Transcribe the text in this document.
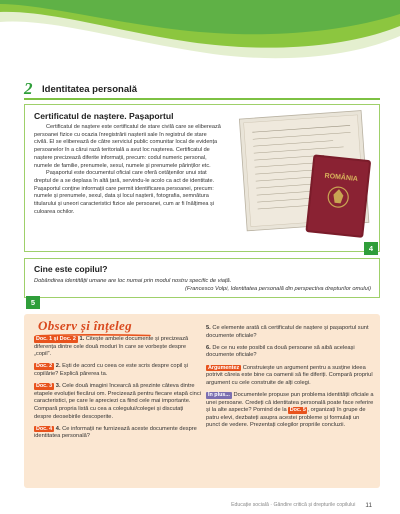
2	Identitatea personală
Certificatul de naștere. Pașaportul

Certificatul de naștere este certificatul de stare civilă care se eliberează persoanei fizice cu ocazia înregistrării nașterii sale în registrul de stare civilă. El se eliberează de către serviciul public comunitar local de evidența persoanelor în a cărui rază teritorială a avut loc nașterea. Certificatul de naștere precizează diferite informații, precum: codul numeric personal, numele de familie, prenumele, sexul, numele și prenumele părinților etc.

Pașaportul este documentul oficial care oferă cetățenilor unui stat dreptul de a se deplasa în altă țară, servindu-le acolo ca act de identitate. Pașaportul conține informații care permit identificarea persoanei, precum: numele și prenumele, sexul, data și locul nașterii, fotografia, semnătura titularului și uneori caracteristici fizice ale persoanei, cum ar fi înălțimea și culoarea ochilor.

ROMÂNIA
4
Cine este copilul?
Dobândirea identității umane are loc numai prin modul nostru specific de viață.
(Francesco Volpi, Identitatea personală din perspectiva drepturilor omului)
5
Observ și înțeleg
Doc. 1 și Doc. 2 1. Citește ambele documente și precizează diferența dintre cele două moduri în care se vorbește despre „copil”.
Doc. 2 2. Ești de acord cu ceea ce este scris despre copil și copilărie? Explică părerea ta.
Doc. 3 3. Cele două imagini încearcă să prezinte câteva dintre etapele evoluției fiecărui om. Precizează pentru fiecare etapă cinci caracteristici, pe care le apreciezi ca fiind cele mai importante. Compară propria listă cu cea a colegului/colegei și discutați despre deosebirile descoperite.
Doc. 4 4. Ce informații ne furnizează aceste documente despre identitatea personală?
5. Ce elemente arată că certificatul de naștere și pașaportul sunt documente oficiale?
6. De ce nu este posibil ca două persoane să aibă aceleași documente oficiale?
Argumentez Construiește un argument pentru a susține ideea potrivit căreia este bine ca oamenii să fie diferiți. Compară propriul argument cu cele construite de alți colegi.
În plus... Documentele propuse pun problema identității oficiale a unei persoane. Credeți că identitatea personală poate face referire și la alte aspecte? Pornind de la Doc. 5 , organizați în grupe de patru elevi, dezbateți asupra acestei probleme și formulați un punct de vedere. Prezentați colegilor propriile concluzii.
Educație socială · Gândire critică și drepturile copilului 11
